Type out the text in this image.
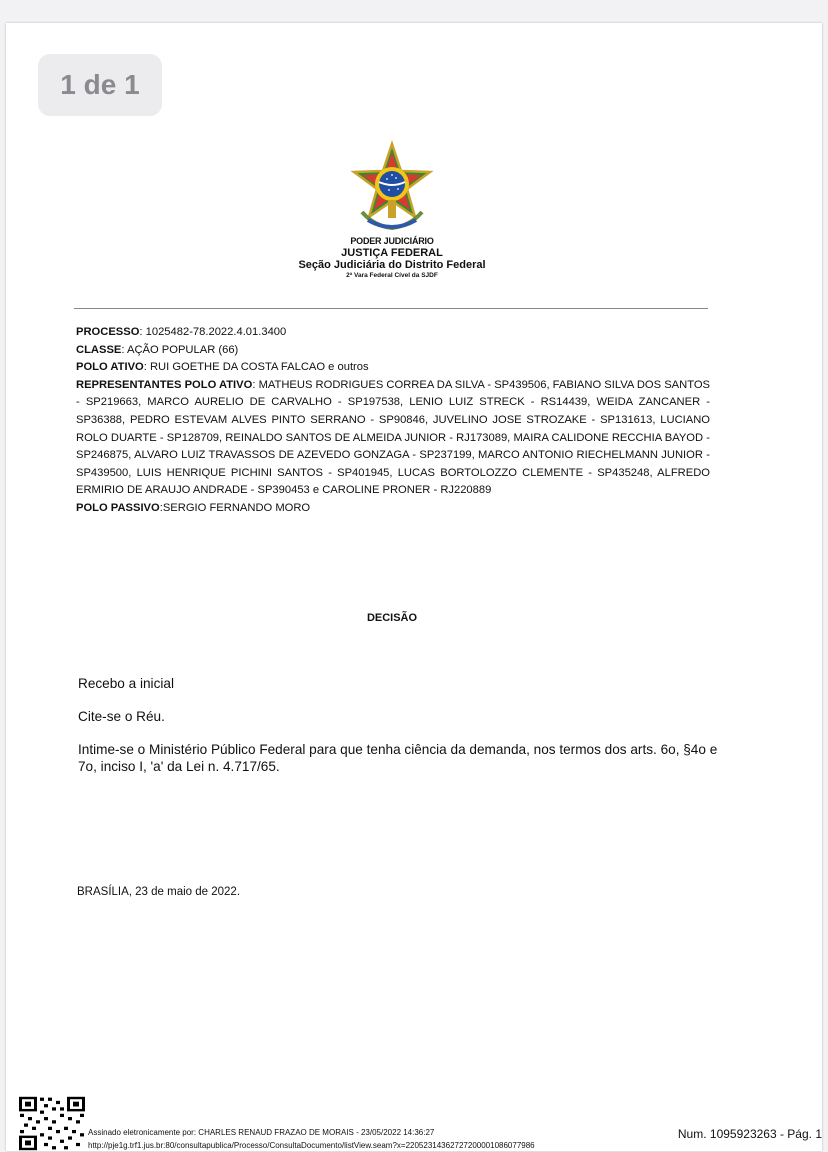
1 de 1
PODER JUDICIÁRIO
JUSTIÇA FEDERAL
Seção Judiciária do Distrito Federal
2ª Vara Federal Cível da SJDF

PROCESSO: 1025482-78.2022.4.01.3400

CLASSE: AÇÃO POPULAR (66)

POLO ATIVO: RUI GOETHE DA COSTA FALCAO e outros

REPRESENTANTES POLO ATIVO: MATHEUS RODRIGUES CORREA DA SILVA - SP439506, FABIANO SILVA DOS SANTOS - SP219663, MARCO AURELIO DE CARVALHO - SP197538, LENIO LUIZ STRECK - RS14439, WEIDA ZANCANER - SP36388, PEDRO ESTEVAM ALVES PINTO SERRANO - SP90846, JUVELINO JOSE STROZAKE - SP131613, LUCIANO ROLO DUARTE - SP128709, REINALDO SANTOS DE ALMEIDA JUNIOR - RJ173089, MAIRA CALIDONE RECCHIA BAYOD - SP246875, ALVARO LUIZ TRAVASSOS DE AZEVEDO GONZAGA - SP237199, MARCO ANTONIO RIECHELMANN JUNIOR - SP439500, LUIS HENRIQUE PICHINI SANTOS - SP401945, LUCAS BORTOLOZZO CLEMENTE - SP435248, ALFREDO ERMIRIO DE ARAUJO ANDRADE - SP390453 e CAROLINE PRONER - RJ220889

POLO PASSIVO:SERGIO FERNANDO MORO

DECISÃO

Recebo a inicial

Cite-se o Réu.

Intime-se o Ministério Público Federal para que tenha ciência da demanda, nos termos dos arts. 6o, §4o e 7o, inciso I, 'a' da Lei n. 4.717/65.

BRASÍLIA, 23 de maio de 2022.
Assinado eletronicamente por: CHARLES RENAUD FRAZAO DE MORAIS - 23/05/2022 14:36:27
http://pje1g.trf1.jus.br:80/consultapublica/Processo/ConsultaDocumento/listView.seam?x=22052314362727200001086077986
Num. 1095923263 - Pág. 1
